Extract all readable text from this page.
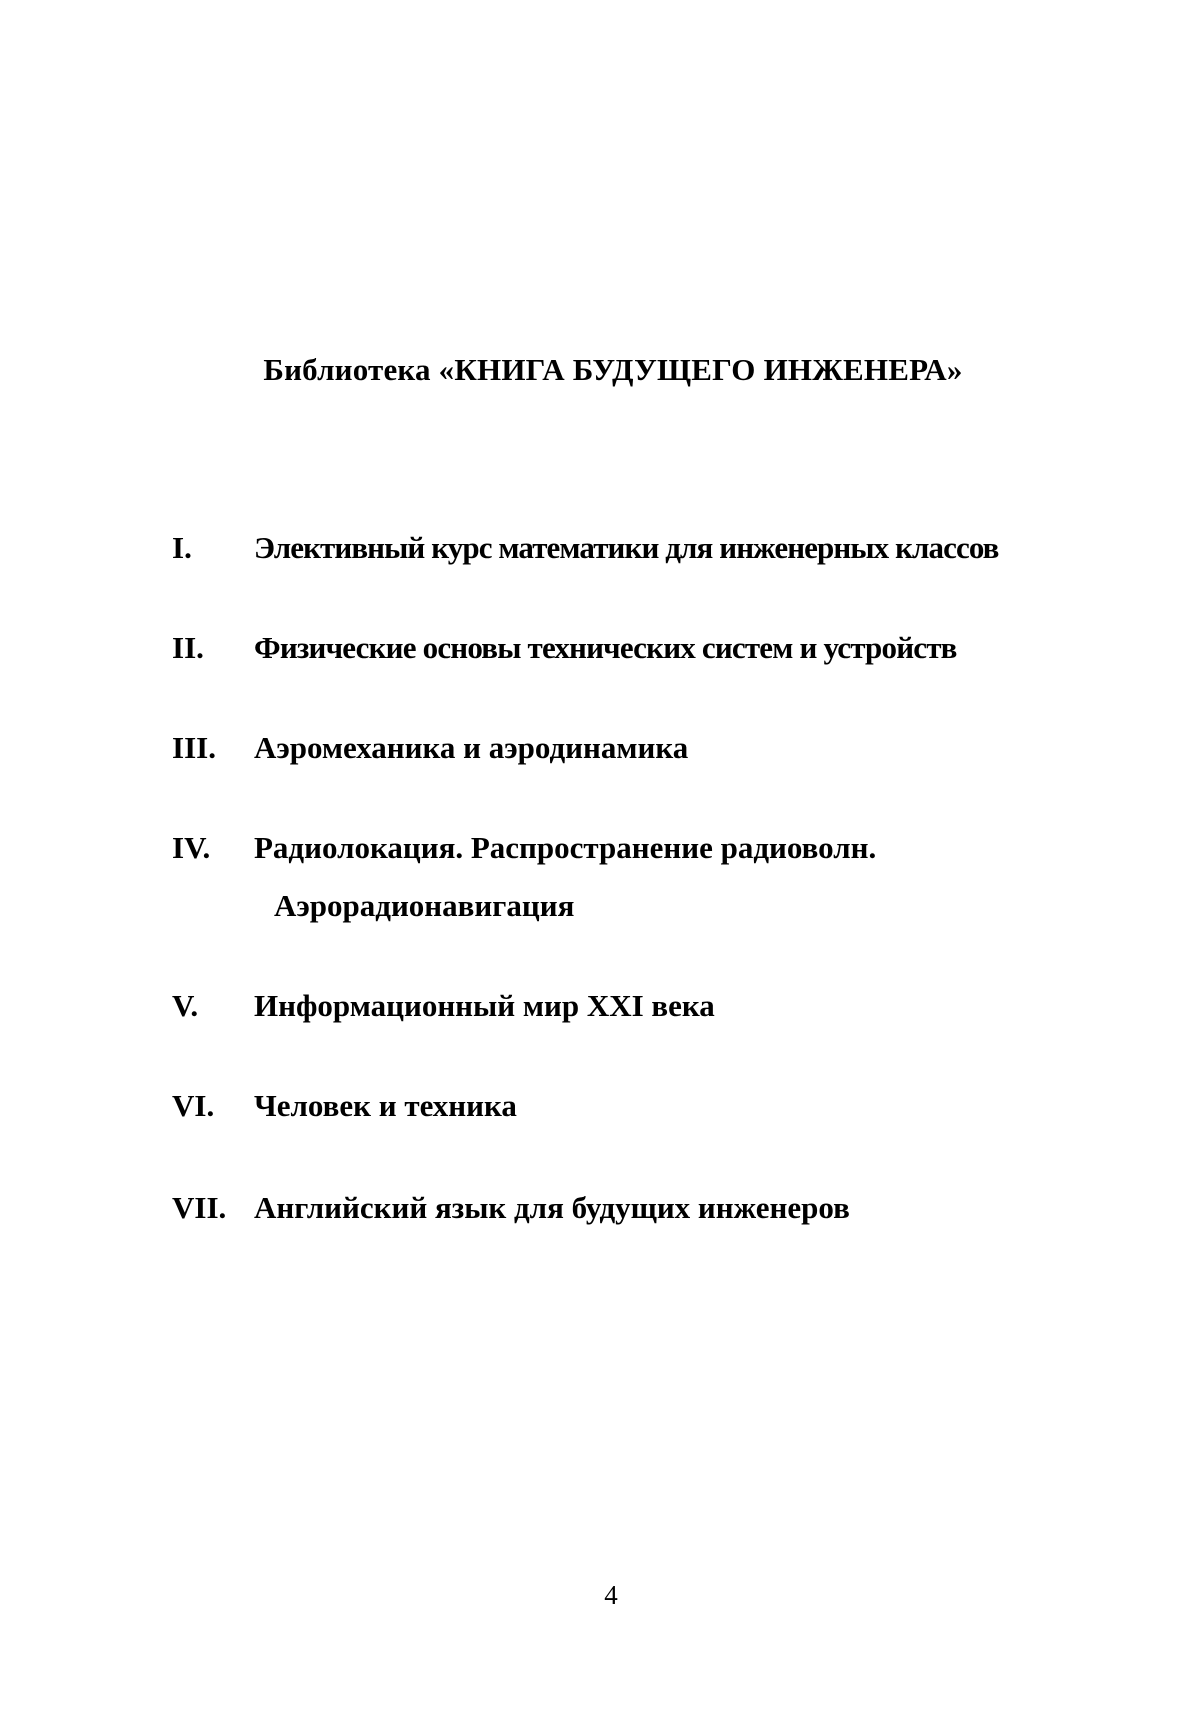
Библиотека «КНИГА БУДУЩЕГО ИНЖЕНЕРА»
I.	Элективный курс математики для инженерных классов
II.	Физические основы технических систем и устройств
III.	Аэромеханика и аэродинамика
IV.	Радиолокация. Распространение радиоволн.
Аэрорадионавигация
V.	Информационный мир XXI века
VI.	Человек и техника
VII. Английский язык для будущих инженеров

4
